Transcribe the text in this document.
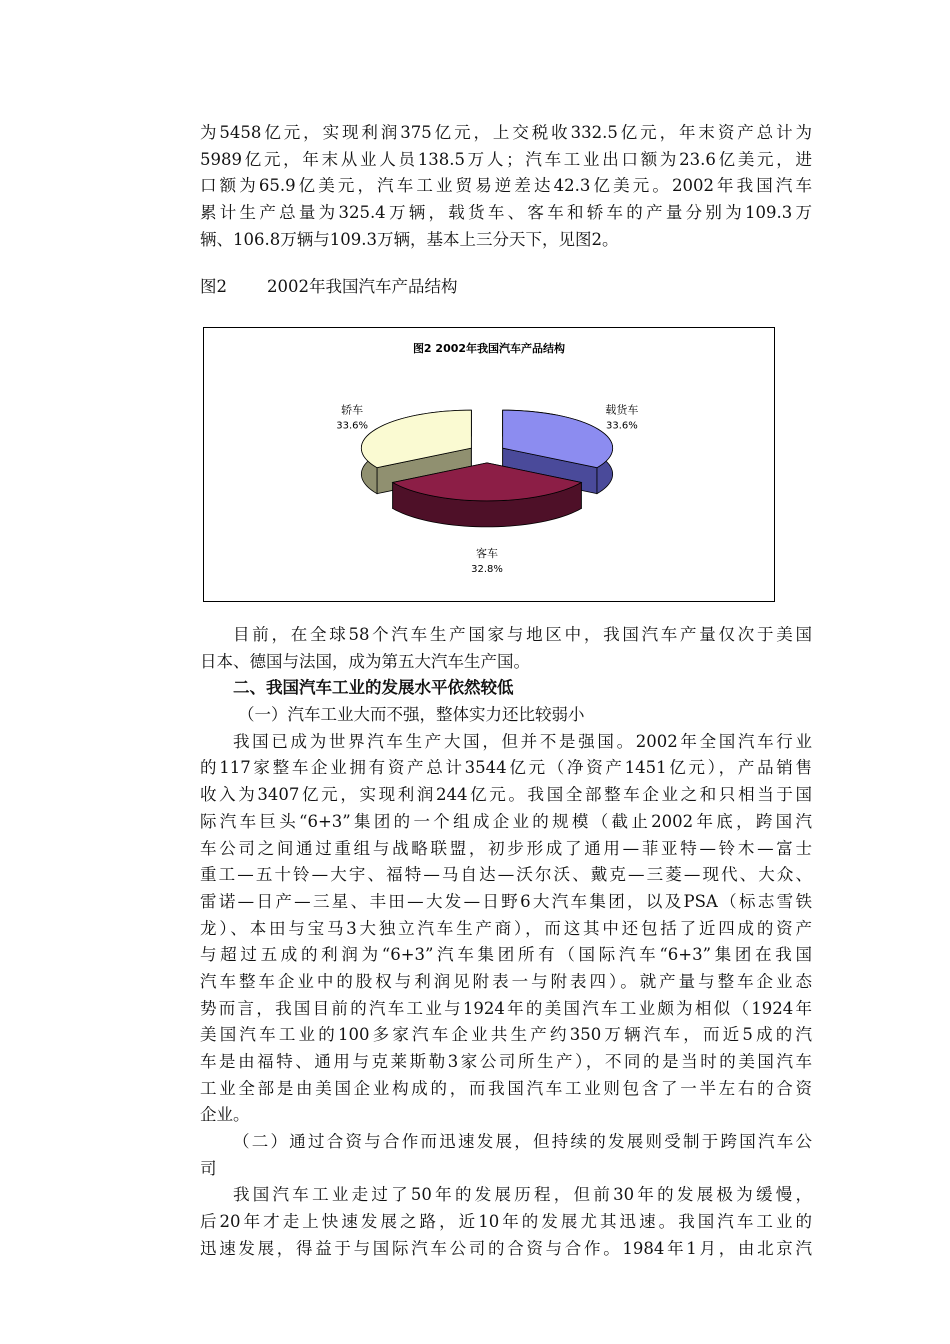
为5458亿元，实现利润375亿元，上交税收332.5亿元，年末资产总计为
5989亿元，年末从业人员138.5万人；汽车工业出口额为23.6亿美元，进
口额为65.9亿美元，汽车工业贸易逆差达42.3亿美元。2002年我国汽车
累计生产总量为325.4万辆，载货车、客车和轿车的产量分别为109.3万
辆、106.8万辆与109.3万辆，基本上三分天下，见图2。
图2 2002年我国汽车产品结构
图2 2002年我国汽车产品结构
载货车
33.6%
客车
32.8%
轿车
33.6%
目前，在全球58个汽车生产国家与地区中，我国汽车产量仅次于美国
日本、德国与法国，成为第五大汽车生产国。
二、我国汽车工业的发展水平依然较低
（一）汽车工业大而不强，整体实力还比较弱小
我国已成为世界汽车生产大国，但并不是强国。2002年全国汽车行业
的117家整车企业拥有资产总计3544亿元（净资产1451亿元），产品销售
收入为3407亿元，实现利润244亿元。我国全部整车企业之和只相当于国
际汽车巨头“6+3”集团的一个组成企业的规模（截止2002年底，跨国汽
车公司之间通过重组与战略联盟，初步形成了通用—菲亚特—铃木—富士
重工—五十铃—大宇、福特—马自达—沃尔沃、戴克—三菱—现代、大众、
雷诺—日产—三星、丰田—大发—日野6大汽车集团，以及PSA（标志雪铁
龙）、本田与宝马3大独立汽车生产商），而这其中还包括了近四成的资产
与超过五成的利润为“6+3”汽车集团所有（国际汽车“6+3”集团在我国
汽车整车企业中的股权与利润见附表一与附表四）。就产量与整车企业态
势而言，我国目前的汽车工业与1924年的美国汽车工业颇为相似（1924年
美国汽车工业的100多家汽车企业共生产约350万辆汽车，而近5成的汽
车是由福特、通用与克莱斯勒3家公司所生产），不同的是当时的美国汽车
工业全部是由美国企业构成的，而我国汽车工业则包含了一半左右的合资
企业。
（二）通过合资与合作而迅速发展，但持续的发展则受制于跨国汽车公
司
我国汽车工业走过了50年的发展历程，但前30年的发展极为缓慢，
后20年才走上快速发展之路，近10年的发展尤其迅速。我国汽车工业的
迅速发展，得益于与国际汽车公司的合资与合作。1984年1月，由北京汽
